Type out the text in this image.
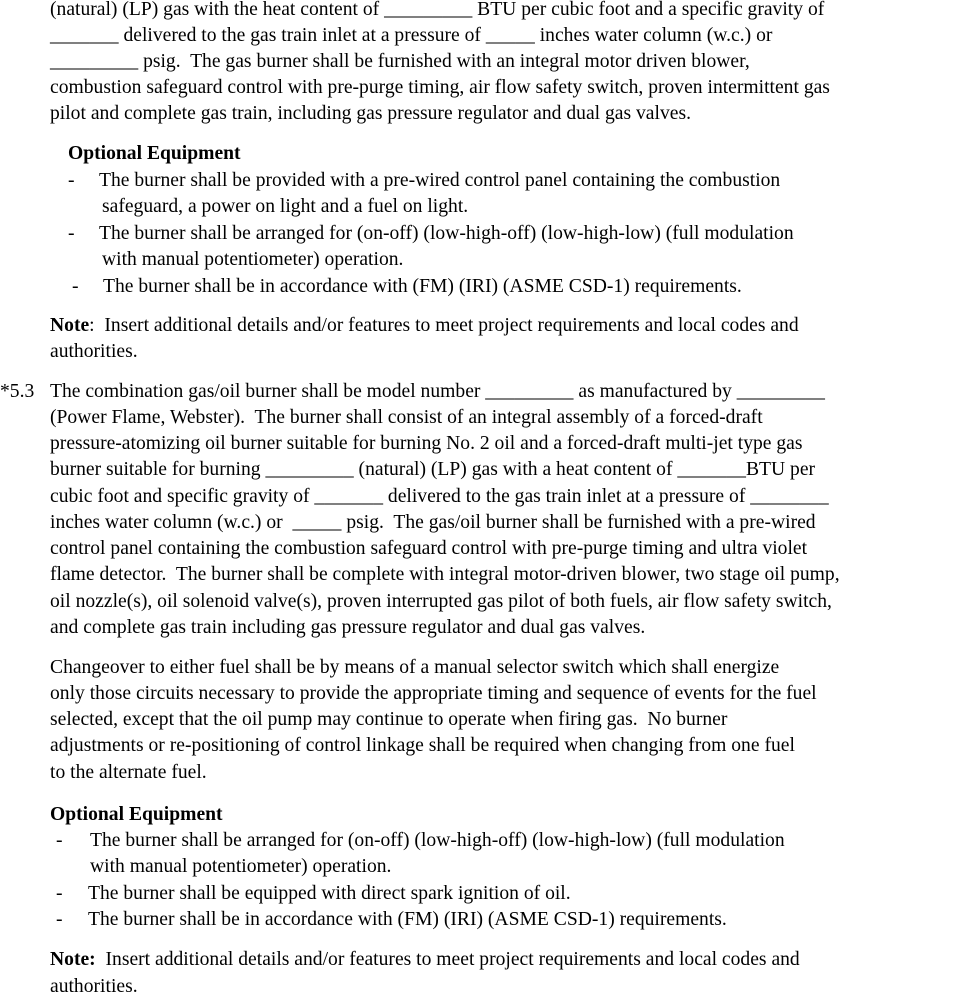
(natural) (LP) gas with the heat content of _________ BTU per cubic foot and a specific gravity of
_______ delivered to the gas train inlet at a pressure of _____ inches water column (w.c.) or
_________ psig.  The gas burner shall be furnished with an integral motor driven blower,
combustion safeguard control with pre-purge timing, air flow safety switch, proven intermittent gas
pilot and complete gas train, including gas pressure regulator and dual gas valves.
Optional Equipment
- The burner shall be provided with a pre-wired control panel containing the combustion
safeguard, a power on light and a fuel on light.
- The burner shall be arranged for (on-off) (low-high-off) (low-high-low) (full modulation
with manual potentiometer) operation.
- The burner shall be in accordance with (FM) (IRI) (ASME CSD-1) requirements.
Note:  Insert additional details and/or features to meet project requirements and local codes and
authorities.
*5.3 The combination gas/oil burner shall be model number _________ as manufactured by _________
(Power Flame, Webster).  The burner shall consist of an integral assembly of a forced-draft
pressure-atomizing oil burner suitable for burning No. 2 oil and a forced-draft multi-jet type gas
burner suitable for burning _________ (natural) (LP) gas with a heat content of _______BTU per
cubic foot and specific gravity of _______ delivered to the gas train inlet at a pressure of ________
inches water column (w.c.) or  _____ psig.  The gas/oil burner shall be furnished with a pre-wired
control panel containing the combustion safeguard control with pre-purge timing and ultra violet
flame detector.  The burner shall be complete with integral motor-driven blower, two stage oil pump,
oil nozzle(s), oil solenoid valve(s), proven interrupted gas pilot of both fuels, air flow safety switch,
and complete gas train including gas pressure regulator and dual gas valves.
Changeover to either fuel shall be by means of a manual selector switch which shall energize
only those circuits necessary to provide the appropriate timing and sequence of events for the fuel
selected, except that the oil pump may continue to operate when firing gas.  No burner
adjustments or re-positioning of control linkage shall be required when changing from one fuel
to the alternate fuel.
Optional Equipment
- The burner shall be arranged for (on-off) (low-high-off) (low-high-low) (full modulation
with manual potentiometer) operation.
- The burner shall be equipped with direct spark ignition of oil.
- The burner shall be in accordance with (FM) (IRI) (ASME CSD-1) requirements.
Note:  Insert additional details and/or features to meet project requirements and local codes and
authorities.
